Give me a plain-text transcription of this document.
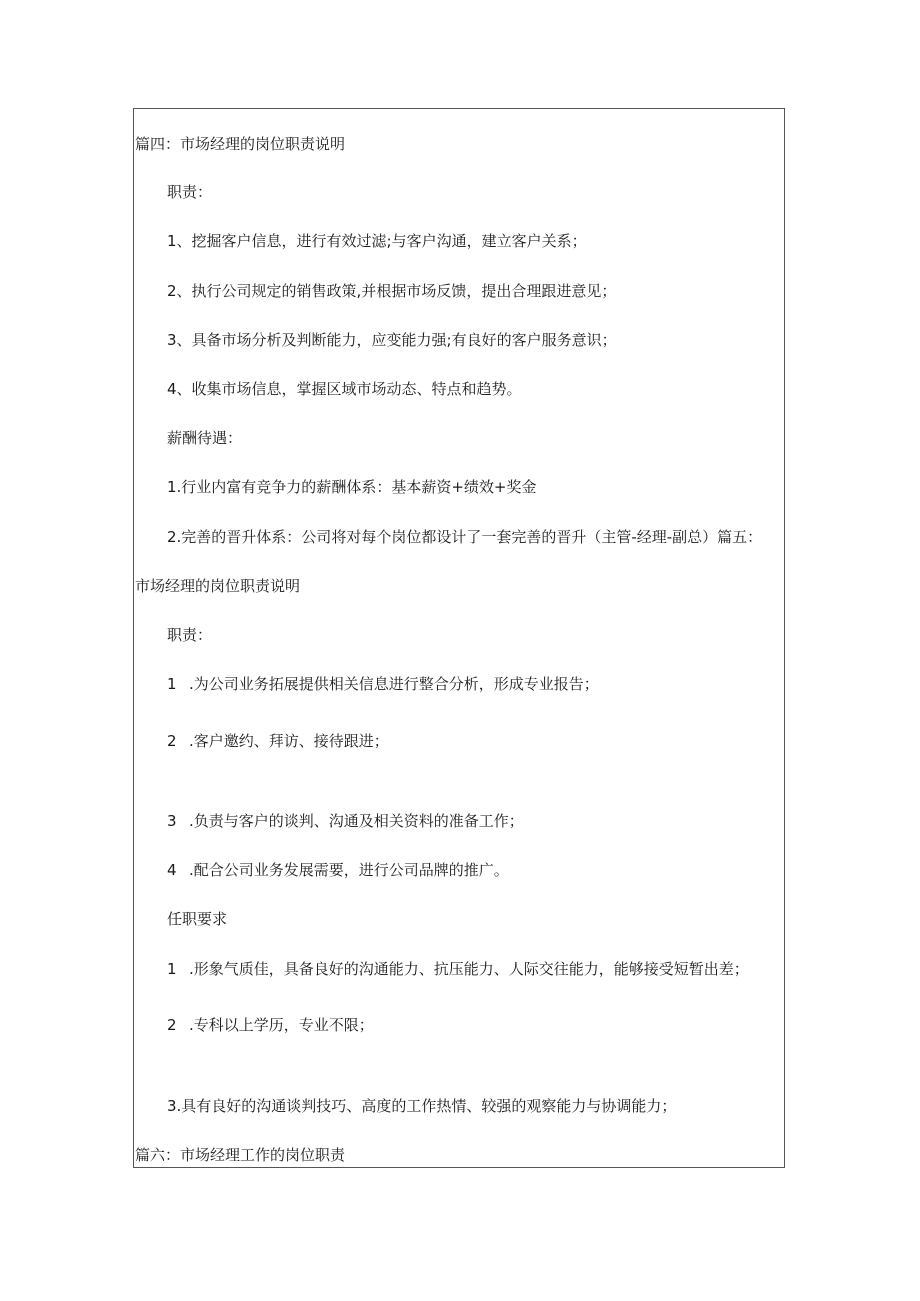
篇四：市场经理的岗位职责说明
职责：
1、挖掘客户信息，进行有效过滤;与客户沟通，建立客户关系；
2、执行公司规定的销售政策,并根据市场反馈，提出合理跟进意见；
3、具备市场分析及判断能力，应变能力强;有良好的客户服务意识；
4、收集市场信息，掌握区域市场动态、特点和趋势。
薪酬待遇：
1.行业内富有竞争力的薪酬体系：基本薪资+绩效+奖金
2.完善的晋升体系：公司将对每个岗位都设计了一套完善的晋升（主管-经理-副总）篇五：
市场经理的岗位职责说明
职责：
1 .为公司业务拓展提供相关信息进行整合分析，形成专业报告；
2 .客户邀约、拜访、接待跟进；
3 .负责与客户的谈判、沟通及相关资料的准备工作；
4 .配合公司业务发展需要，进行公司品牌的推广。
任职要求
1 .形象气质佳，具备良好的沟通能力、抗压能力、人际交往能力，能够接受短暂出差；
2 .专科以上学历，专业不限；
3.具有良好的沟通谈判技巧、高度的工作热情、较强的观察能力与协调能力；
篇六：市场经理工作的岗位职责
